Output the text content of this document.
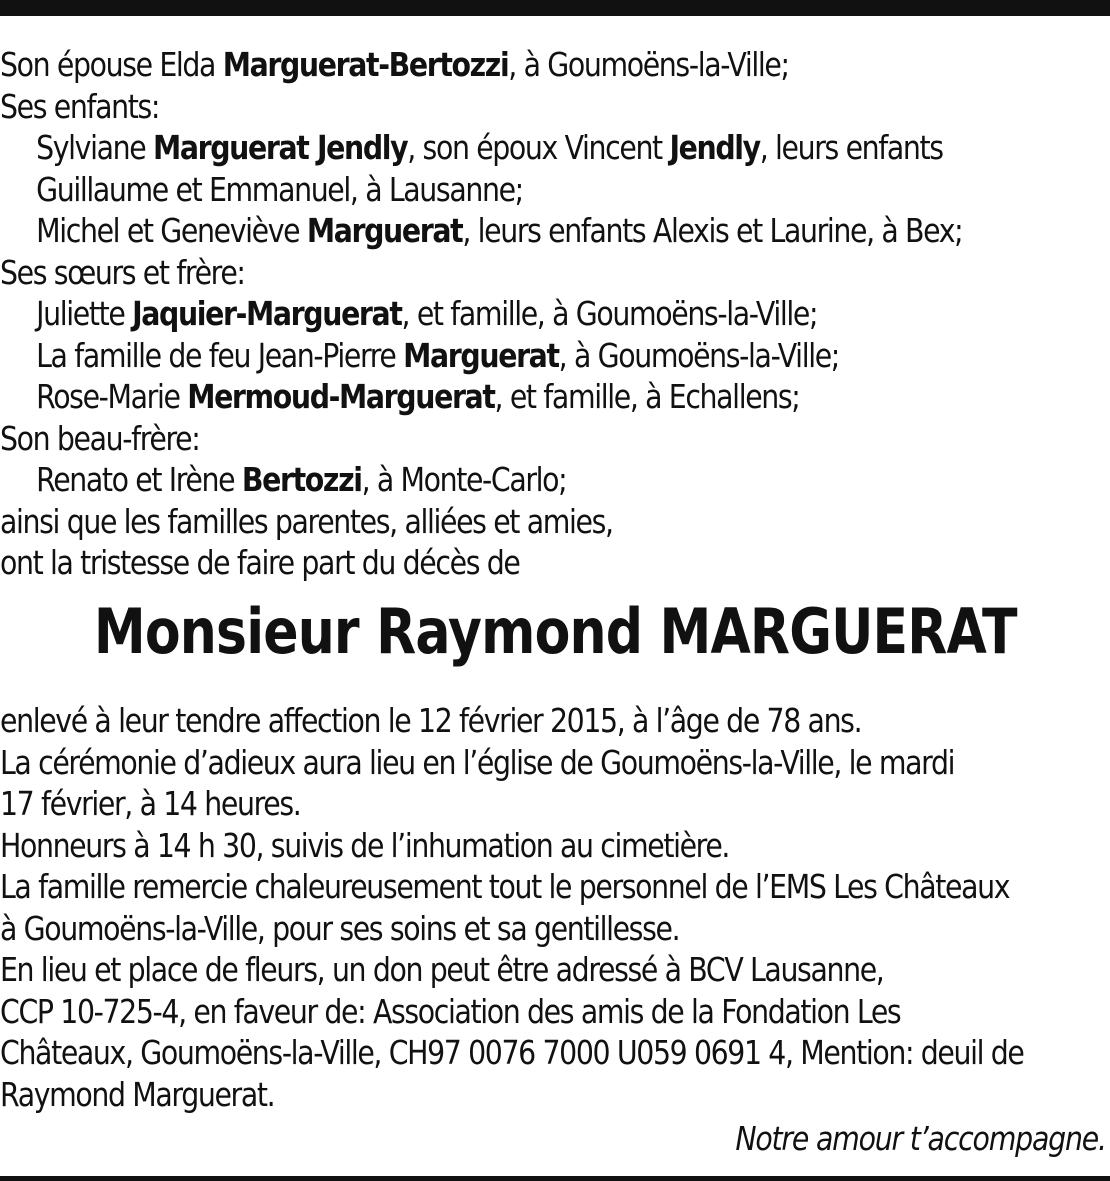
Son épouse Elda Marguerat-Bertozzi, à Goumoëns-la-Ville;
Ses enfants:
Sylviane Marguerat Jendly, son époux Vincent Jendly, leurs enfants
Guillaume et Emmanuel, à Lausanne;
Michel et Geneviève Marguerat, leurs enfants Alexis et Laurine, à Bex;
Ses sœurs et frère:
Juliette Jaquier-Marguerat, et famille, à Goumoëns-la-Ville;
La famille de feu Jean-Pierre Marguerat, à Goumoëns-la-Ville;
Rose-Marie Mermoud-Marguerat, et famille, à Echallens;
Son beau-frère:
Renato et Irène Bertozzi, à Monte-Carlo;
ainsi que les familles parentes, alliées et amies,
ont la tristesse de faire part du décès de
Monsieur Raymond MARGUERAT
enlevé à leur tendre affection le 12 février 2015, à l’âge de 78 ans.
La cérémonie d’adieux aura lieu en l’église de Goumoëns-la-Ville, le mardi
17 février, à 14 heures.
Honneurs à 14 h 30, suivis de l’inhumation au cimetière.
La famille remercie chaleureusement tout le personnel de l’EMS Les Châteaux
à Goumoëns-la-Ville, pour ses soins et sa gentillesse.
En lieu et place de fleurs, un don peut être adressé à BCV Lausanne,
CCP 10-725-4, en faveur de: Association des amis de la Fondation Les
Châteaux, Goumoëns-la-Ville, CH97 0076 7000 U059 0691 4, Mention: deuil de
Raymond Marguerat.
Notre amour t’accompagne.
